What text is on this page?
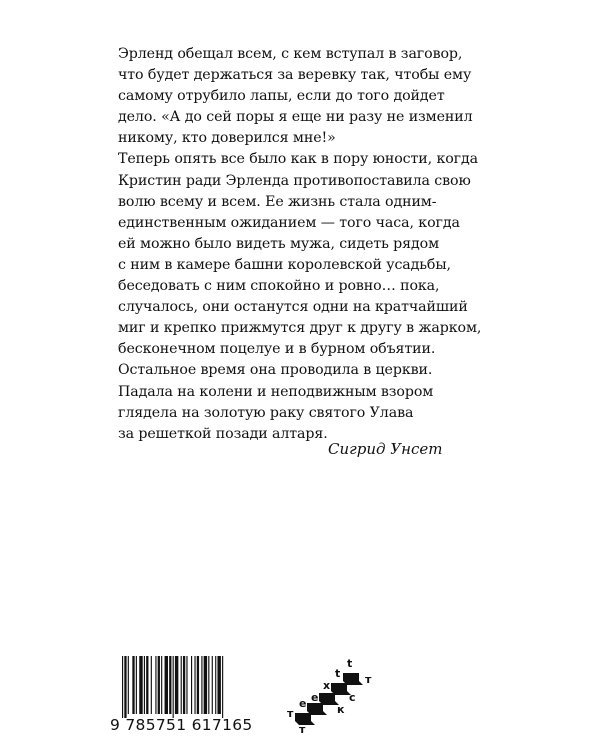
Эрленд обещал всем, с кем вступал в заговор,
что будет держаться за веревку так, чтобы ему
самому отрубило лапы, если до того дойдет
дело. «А до сей поры я еще ни разу не изменил
никому, кто доверился мне!»
Теперь опять все было как в пору юности, когда
Кристин ради Эрленда противопоставила свою
волю всему и всем. Ее жизнь стала одним-
единственным ожиданием — того часа, когда
ей можно было видеть мужа, сидеть рядом
с ним в камере башни королевской усадьбы,
беседовать с ним спокойно и ровно… пока,
случалось, они останутся одни на кратчайший
миг и крепко прижмутся друг к другу в жарком,
бесконечном поцелуе и в бурном объятии.
Остальное время она проводила в церкви.
Падала на колени и неподвижным взором
глядела на золотую раку святого Улава
за решеткой позади алтаря.
Сигрид Унсет
9 785751 617165	т
е
к
с
т
т
е
х
t
t
